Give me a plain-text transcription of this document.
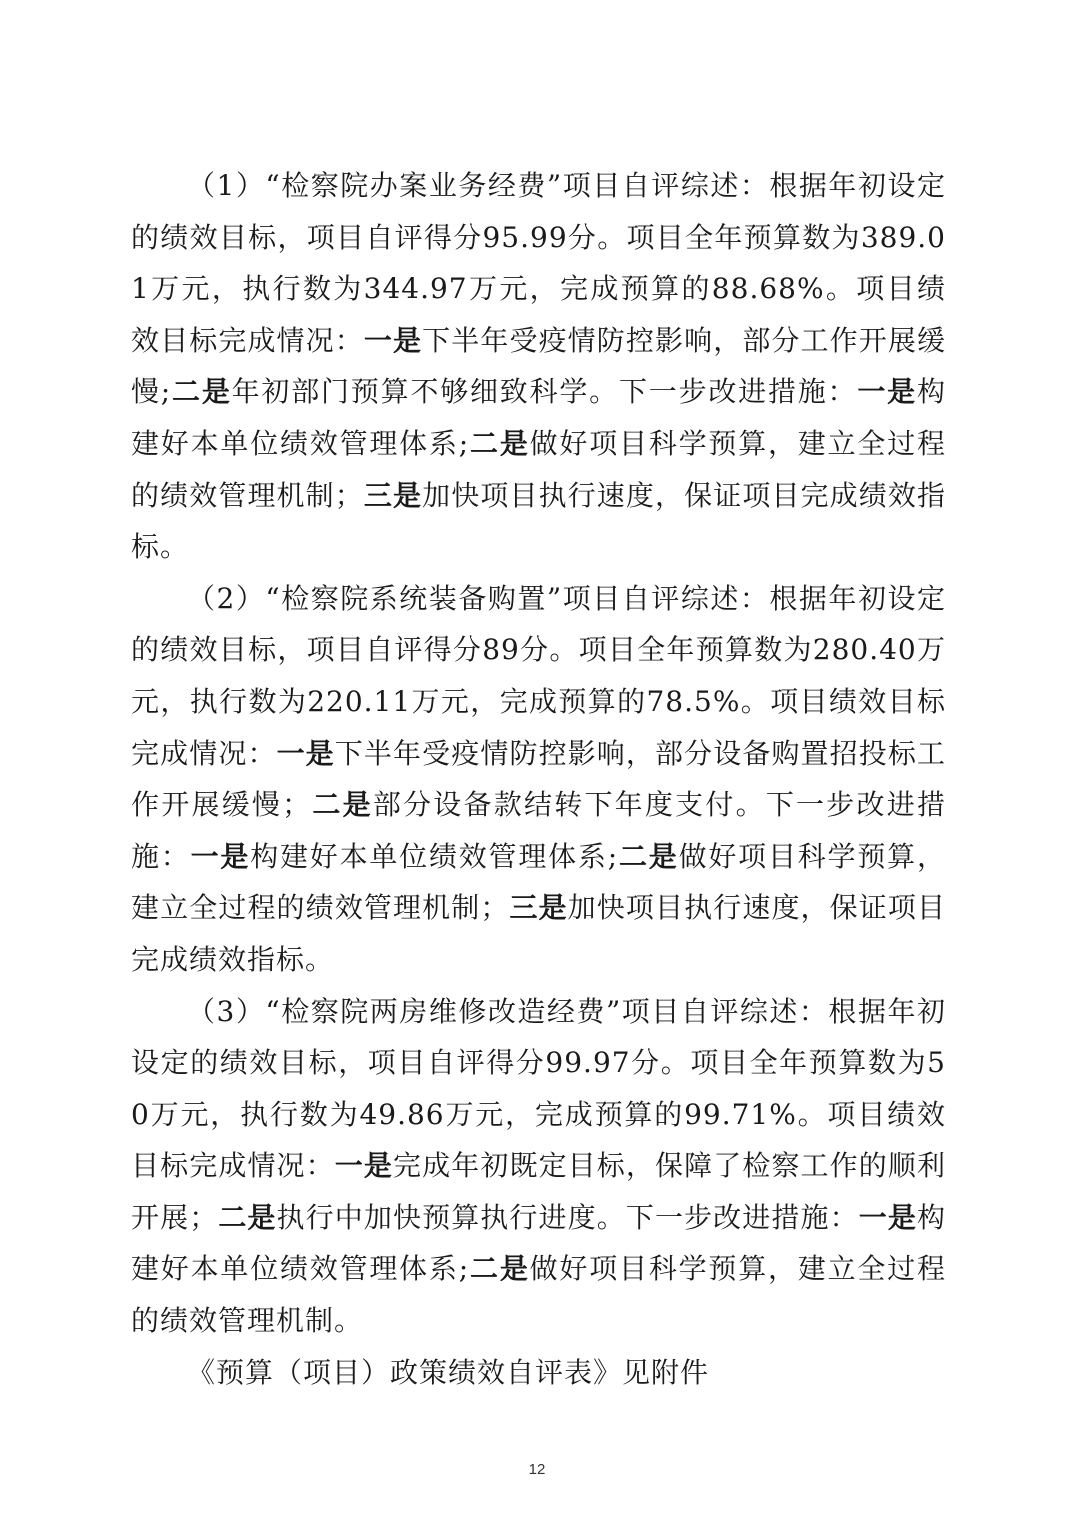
（1）“检察院办案业务经费”项目自评综述：根据年初设定的绩效目标，项目自评得分95.99分。项目全年预算数为389.01万元，执行数为344.97万元，完成预算的88.68%。项目绩效目标完成情况：一是下半年受疫情防控影响，部分工作开展缓慢;二是年初部门预算不够细致科学。下一步改进措施：一是构建好本单位绩效管理体系;二是做好项目科学预算，建立全过程的绩效管理机制；三是加快项目执行速度，保证项目完成绩效指标。

（2）“检察院系统装备购置”项目自评综述：根据年初设定的绩效目标，项目自评得分89分。项目全年预算数为280.40万元，执行数为220.11万元，完成预算的78.5%。项目绩效目标完成情况：一是下半年受疫情防控影响，部分设备购置招投标工作开展缓慢；二是部分设备款结转下年度支付。下一步改进措施：一是构建好本单位绩效管理体系;二是做好项目科学预算，建立全过程的绩效管理机制；三是加快项目执行速度，保证项目完成绩效指标。

（3）“检察院两房维修改造经费”项目自评综述：根据年初设定的绩效目标，项目自评得分99.97分。项目全年预算数为50万元，执行数为49.86万元，完成预算的99.71%。项目绩效目标完成情况：一是完成年初既定目标，保障了检察工作的顺利开展；二是执行中加快预算执行进度。下一步改进措施：一是构建好本单位绩效管理体系;二是做好项目科学预算，建立全过程的绩效管理机制。

《预算（项目）政策绩效自评表》见附件

12
